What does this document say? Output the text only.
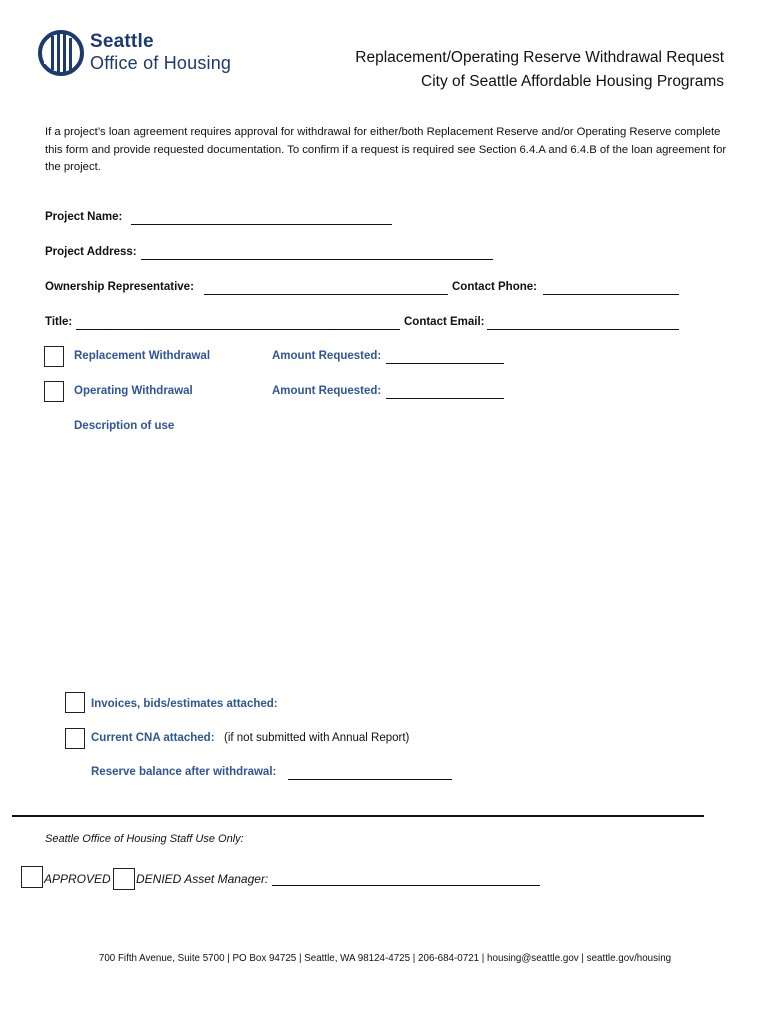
Seattle
Office of Housing	Replacement/Operating Reserve Withdrawal Request
City of Seattle Affordable Housing Programs
If a project’s loan agreement requires approval for withdrawal for either/both Replacement Reserve and/or Operating Reserve complete this form and provide requested documentation. To confirm if a request is required see Section 6.4.A and 6.4.B of the loan agreement for the project.
Project Name:
Project Address:
Ownership Representative:	Contact Phone:
Title:	Contact Email:
Replacement Withdrawal	Amount Requested:
Operating Withdrawal	Amount Requested:
Description of use
Invoices, bids/estimates attached:
Current CNA attached: (if not submitted with Annual Report)
Reserve balance after withdrawal:
Seattle Office of Housing Staff Use Only:
APPROVED DENIED Asset Manager:
700 Fifth Avenue, Suite 5700 | PO Box 94725 | Seattle, WA 98124-4725 | 206-684-0721 | housing@seattle.gov | seattle.gov/housing
